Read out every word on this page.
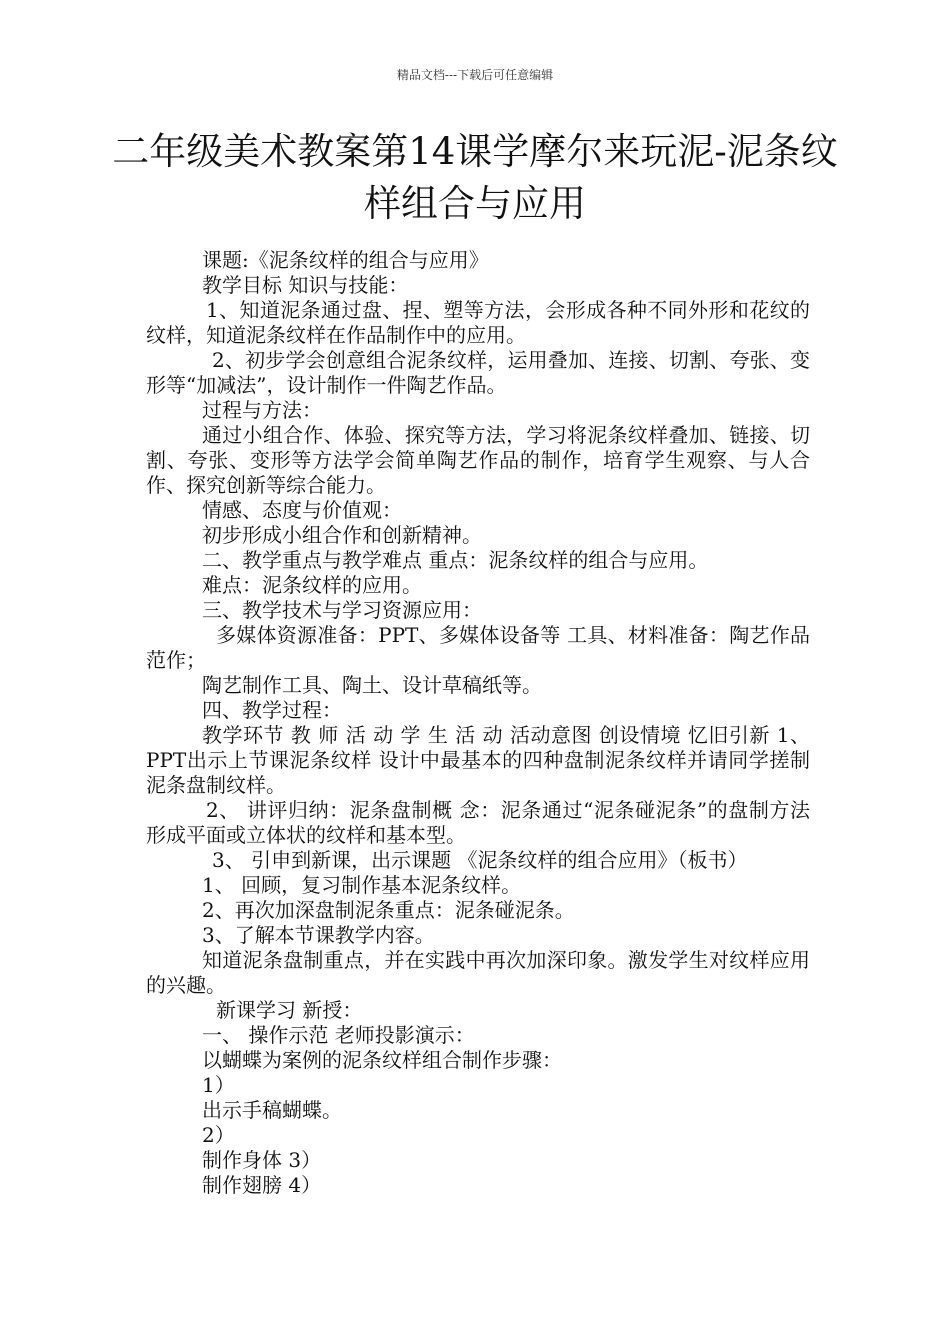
精品文档---下载后可任意编辑
二年级美术教案第14课学摩尔来玩泥-泥条纹样组合与应用

课题:《泥条纹样的组合与应用》

教学目标 知识与技能：

1、知道泥条通过盘、捏、塑等方法，会形成各种不同外形和花纹的纹样，知道泥条纹样在作品制作中的应用。

2、初步学会创意组合泥条纹样，运用叠加、连接、切割、夸张、变形等“加减法”，设计制作一件陶艺作品。

过程与方法：

通过小组合作、体验、探究等方法，学习将泥条纹样叠加、链接、切割、夸张、变形等方法学会简单陶艺作品的制作，培育学生观察、与人合作、探究创新等综合能力。

情感、态度与价值观：

初步形成小组合作和创新精神。

二、教学重点与教学难点 重点：泥条纹样的组合与应用。

难点：泥条纹样的应用。

三、教学技术与学习资源应用：

多媒体资源准备：PPT、多媒体设备等 工具、材料准备：陶艺作品范作；

陶艺制作工具、陶土、设计草稿纸等。

四、教学过程：

教学环节 教 师 活 动 学 生 活 动 活动意图 创设情境 忆旧引新 1、 PPT出示上节课泥条纹样 设计中最基本的四种盘制泥条纹样并请同学搓制泥条盘制纹样。

2、 讲评归纳：泥条盘制概 念：泥条通过“泥条碰泥条”的盘制方法形成平面或立体状的纹样和基本型。

3、 引申到新课，出示课题 《泥条纹样的组合应用》（板书）

1、 回顾，复习制作基本泥条纹样。

2、再次加深盘制泥条重点：泥条碰泥条。

3、了解本节课教学内容。

知道泥条盘制重点，并在实践中再次加深印象。激发学生对纹样应用的兴趣。

新课学习 新授：

一、 操作示范 老师投影演示：

以蝴蝶为案例的泥条纹样组合制作步骤：

1）

出示手稿蝴蝶。

2）

制作身体 3）

制作翅膀 4）
